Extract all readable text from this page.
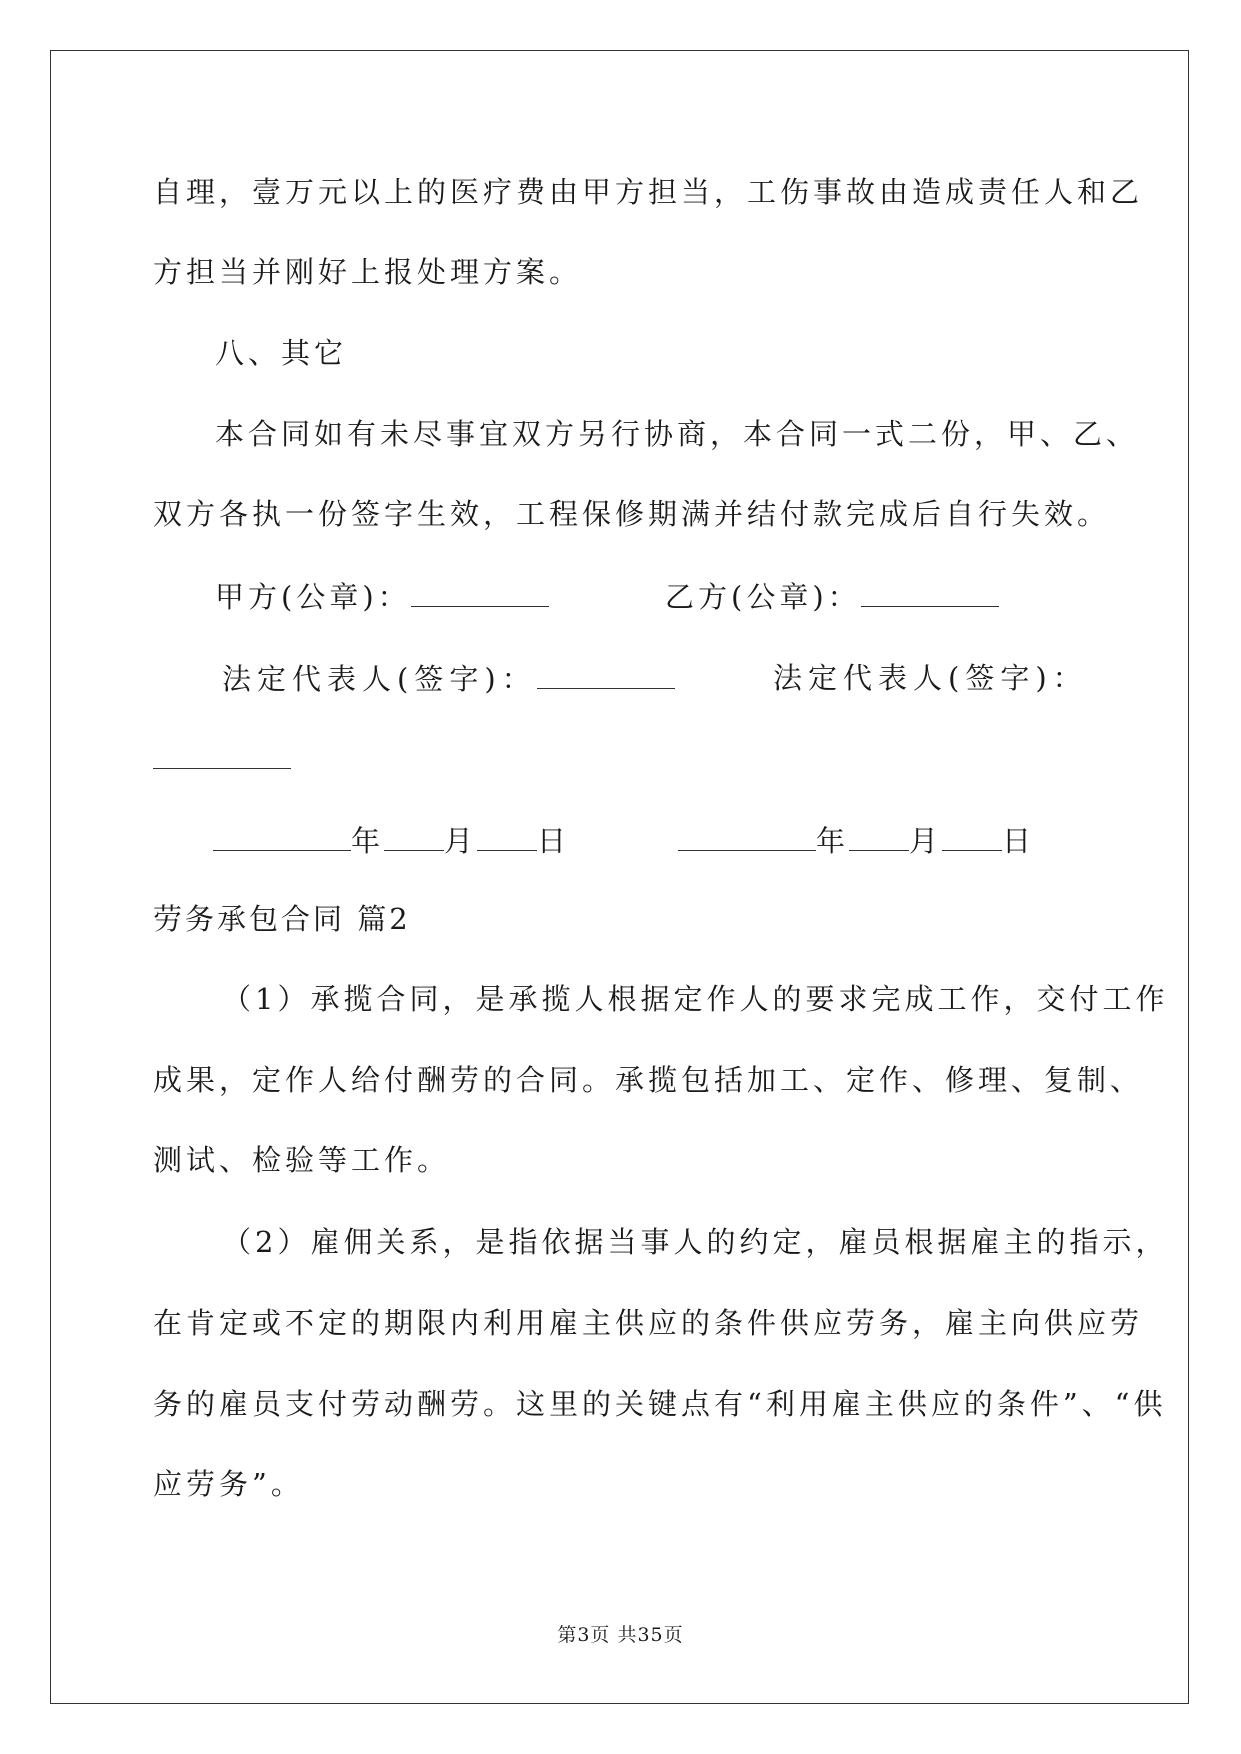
自理，壹万元以上的医疗费由甲方担当，工伤事故由造成责任人和乙
方担当并刚好上报处理方案。
八、其它
本合同如有未尽事宜双方另行协商，本合同一式二份，甲、乙、
双方各执一份签字生效，工程保修期满并结付款完成后自行失效。
甲方(公章)：	乙方(公章)：
法定代表人(签字)：	法定代表人(签字)：
年 月 日	年 月 日
劳务承包合同 篇2
（1）承揽合同，是承揽人根据定作人的要求完成工作，交付工作
成果，定作人给付酬劳的合同。承揽包括加工、定作、修理、复制、
测试、检验等工作。
（2）雇佣关系，是指依据当事人的约定，雇员根据雇主的指示，
在肯定或不定的期限内利用雇主供应的条件供应劳务，雇主向供应劳
务的雇员支付劳动酬劳。这里的关键点有“利用雇主供应的条件”、“供
应劳务”。
第3页 共35页
